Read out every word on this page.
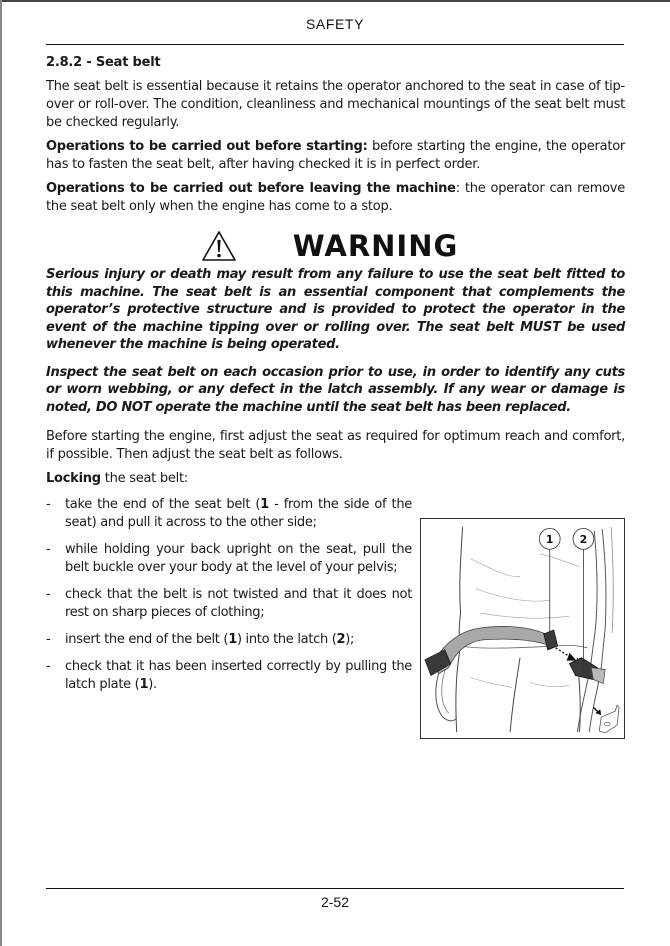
SAFETY
2.8.2 - Seat belt

The seat belt is essential because it retains the operator anchored to the seat in case of tip-over or roll-over. The condition, cleanliness and mechanical mountings of the seat belt must be checked regularly.

Operations to be carried out before starting: before starting the engine, the operator has to fasten the seat belt, after having checked it is in perfect order.

Operations to be carried out before leaving the machine: the operator can remove the seat belt only when the engine has come to a stop.

WARNING

Serious injury or death may result from any failure to use the seat belt fitted to this machine. The seat belt is an essential component that complements the operator’s protective structure and is provided to protect the operator in the event of the machine tipping over or rolling over. The seat belt MUST be used whenever the machine is being operated.

Inspect the seat belt on each occasion prior to use, in order to identify any cuts or worn webbing, or any defect in the latch assembly. If any wear or damage is noted, DO NOT operate the machine until the seat belt has been replaced.

Before starting the engine, first adjust the seat as required for optimum reach and comfort, if possible. Then adjust the seat belt as follows.

Locking the seat belt:

- take the end of the seat belt (1 - from the side of the seat) and pull it across to the other side;
- while holding your back upright on the seat, pull the belt buckle over your body at the level of your pelvis;
- check that the belt is not twisted and that it does not rest on sharp pieces of clothing;
- insert the end of the belt (1) into the latch (2);
- check that it has been inserted correctly by pulling the latch plate (1).
1 2
2-52
